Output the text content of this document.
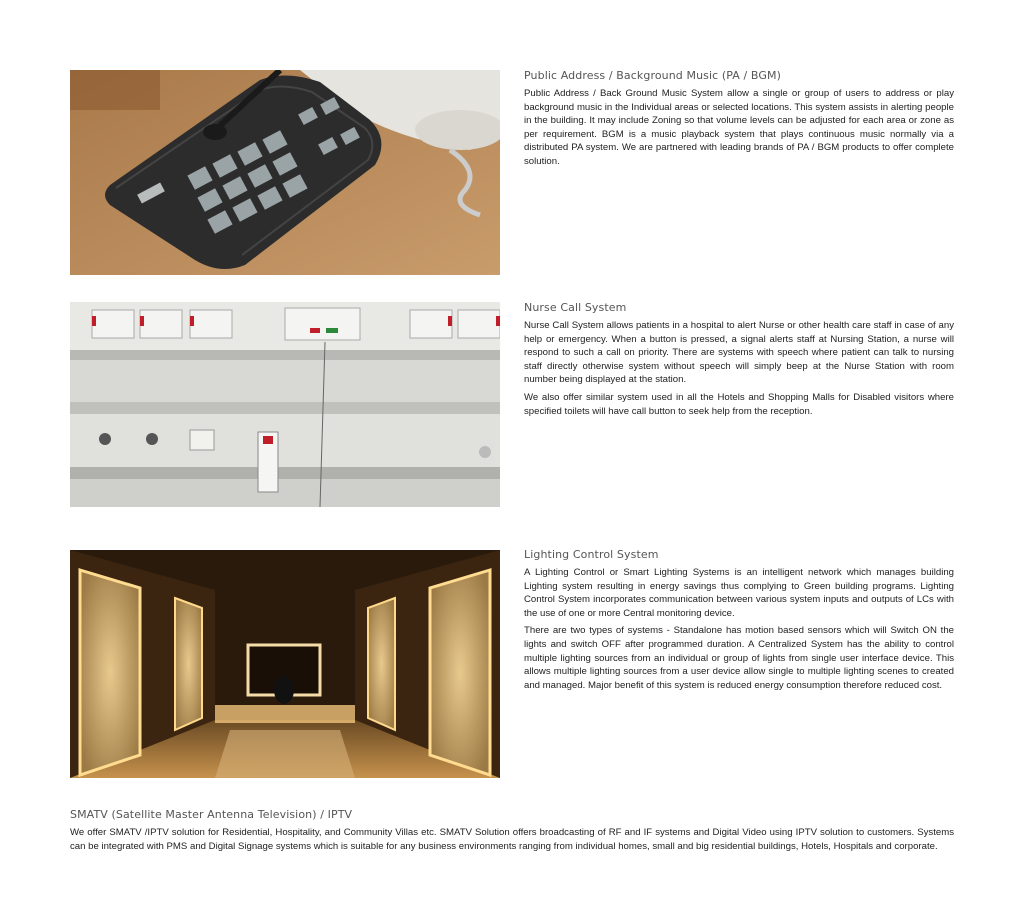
Public Address / Background Music (PA / BGM)

Public Address / Back Ground Music System allow a single or group of users to address or play background music in the Individual areas or selected locations. This system assists in alerting people in the building. It may include Zoning so that volume levels can be adjusted for each area or zone as per requirement. BGM is a music playback system that plays continuous music normally via a distributed PA system. We are partnered with leading brands of PA / BGM products to offer complete solution.

Nurse Call System

Nurse Call System allows patients in a hospital to alert Nurse or other health care staff in case of any help or emergency. When a button is pressed, a signal alerts staff at Nursing Station, a nurse will respond to such a call on priority. There are systems with speech where patient can talk to nursing staff directly otherwise system without speech will simply beep at the Nurse Station with room number being displayed at the station.

We also offer similar system used in all the Hotels and Shopping Malls for Disabled visitors where specified toilets will have call button to seek help from the reception.

Lighting Control System

A Lighting Control or Smart Lighting Systems is an intelligent network which manages building Lighting system resulting in energy savings thus complying to Green building programs. Lighting Control System incorporates communication between various system inputs and outputs of LCs with the use of one or more Central monitoring device.

There are two types of systems - Standalone has motion based sensors which will Switch ON the lights and switch OFF after programmed duration. A Centralized System has the ability to control multiple lighting sources from an individual or group of lights from single user interface device. This allows multiple lighting sources from a user device allow single to multiple lighting scenes to created and managed. Major benefit of this system is reduced energy consumption therefore reduced cost.

SMATV (Satellite Master Antenna Television) / IPTV

We offer SMATV /IPTV solution for Residential, Hospitality, and Community Villas etc. SMATV Solution offers broadcasting of RF and IF systems and Digital Video using IPTV solution to customers. Systems can be integrated with PMS and Digital Signage systems which is suitable for any business environments ranging from individual homes, small and big residential buildings, Hotels, Hospitals and corporate.
